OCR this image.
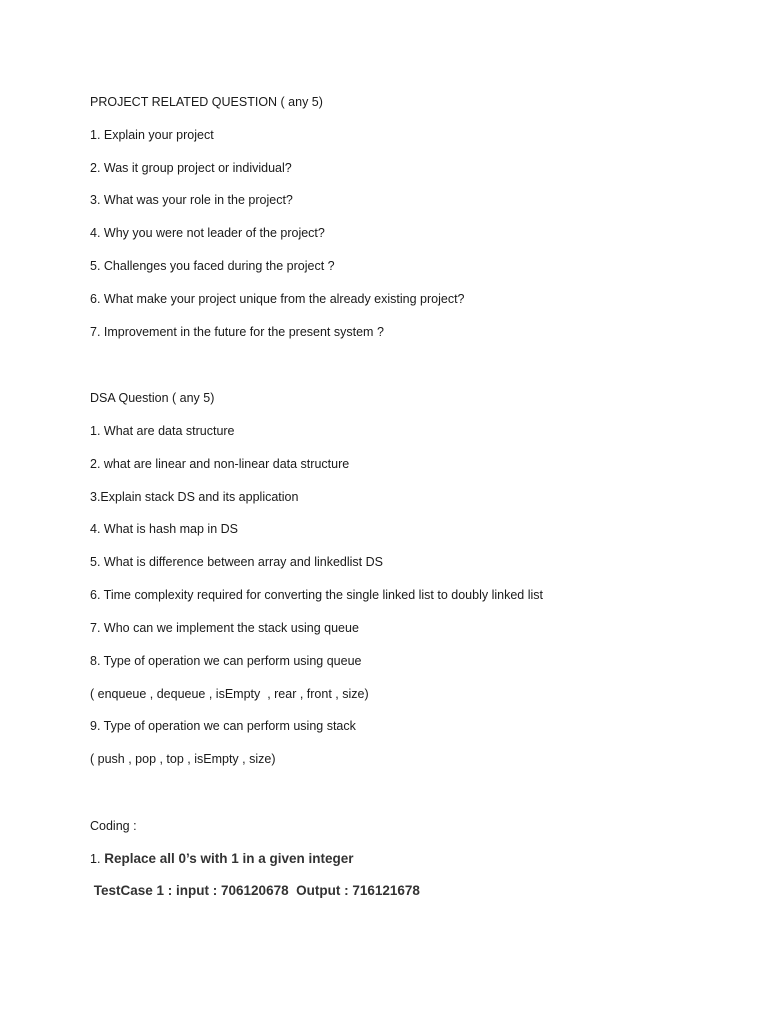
PROJECT RELATED QUESTION ( any 5)
1. Explain your project
2. Was it group project or individual?
3. What was your role in the project?
4. Why you were not leader of the project?
5. Challenges you faced during the project ?
6. What make your project unique from the already existing project?
7. Improvement in the future for the present system ?
DSA Question ( any 5)
1. What are data structure
2. what are linear and non-linear data structure
3.Explain stack DS and its application
4. What is hash map in DS
5. What is difference between array and linkedlist DS
6. Time complexity required for converting the single linked list to doubly linked list
7. Who can we implement the stack using queue
8. Type of operation we can perform using queue
( enqueue , dequeue , isEmpty  , rear , front , size)
9. Type of operation we can perform using stack
( push , pop , top , isEmpty , size)
Coding :
1. Replace all 0’s with 1 in a given integer
TestCase 1 : input : 706120678  Output : 716121678
